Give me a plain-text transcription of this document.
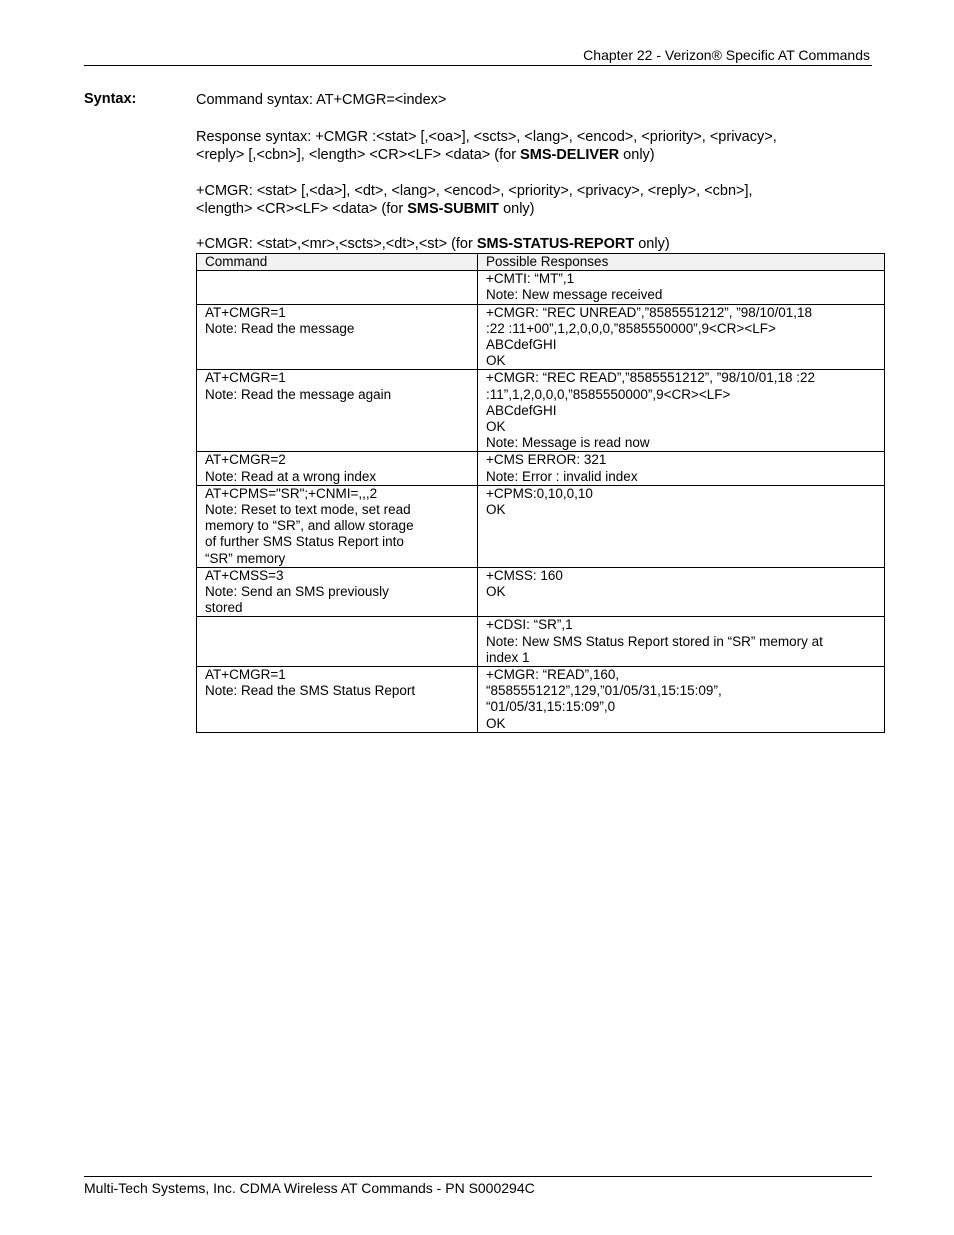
Chapter 22 - Verizon® Specific AT Commands
Syntax:	Command syntax: AT+CMGR=<index>

Response syntax: +CMGR :<stat> [,<oa>], <scts>, <lang>, <encod>, <priority>, <privacy>,
<reply> [,<cbn>], <length> <CR><LF> <data> (for SMS-DELIVER only)

+CMGR: <stat> [,<da>], <dt>, <lang>, <encod>, <priority>, <privacy>, <reply>, <cbn>],
<length> <CR><LF> <data> (for SMS-SUBMIT only)

+CMGR: <stat>,<mr>,<scts>,<dt>,<st> (for SMS-STATUS-REPORT only)

Command	Possible Responses

	+CMTI: “MT”,1
Note: New message received

AT+CMGR=1
Note: Read the message	+CMGR: “REC UNREAD”,”8585551212”, ”98/10/01,18
:22 :11+00”,1,2,0,0,0,”8585550000”,9<CR><LF>
ABCdefGHI
OK

AT+CMGR=1
Note: Read the message again	+CMGR: “REC READ”,”8585551212”, ”98/10/01,18 :22
:11”,1,2,0,0,0,”8585550000”,9<CR><LF>
ABCdefGHI
OK
Note: Message is read now

AT+CMGR=2
Note: Read at a wrong index	+CMS ERROR: 321
Note: Error : invalid index

AT+CPMS="SR";+CNMI=,,,2
Note: Reset to text mode, set read
memory to “SR”, and allow storage
of further SMS Status Report into
“SR” memory	+CPMS:0,10,0,10
OK

AT+CMSS=3
Note: Send an SMS previously
stored	+CMSS: 160
OK

	+CDSI: “SR”,1
Note: New SMS Status Report stored in “SR” memory at
index 1

AT+CMGR=1
Note: Read the SMS Status Report	+CMGR: “READ”,160,
“8585551212”,129,”01/05/31,15:15:09”,
“01/05/31,15:15:09”,0
OK
Multi-Tech Systems, Inc. CDMA Wireless AT Commands - PN S000294C
